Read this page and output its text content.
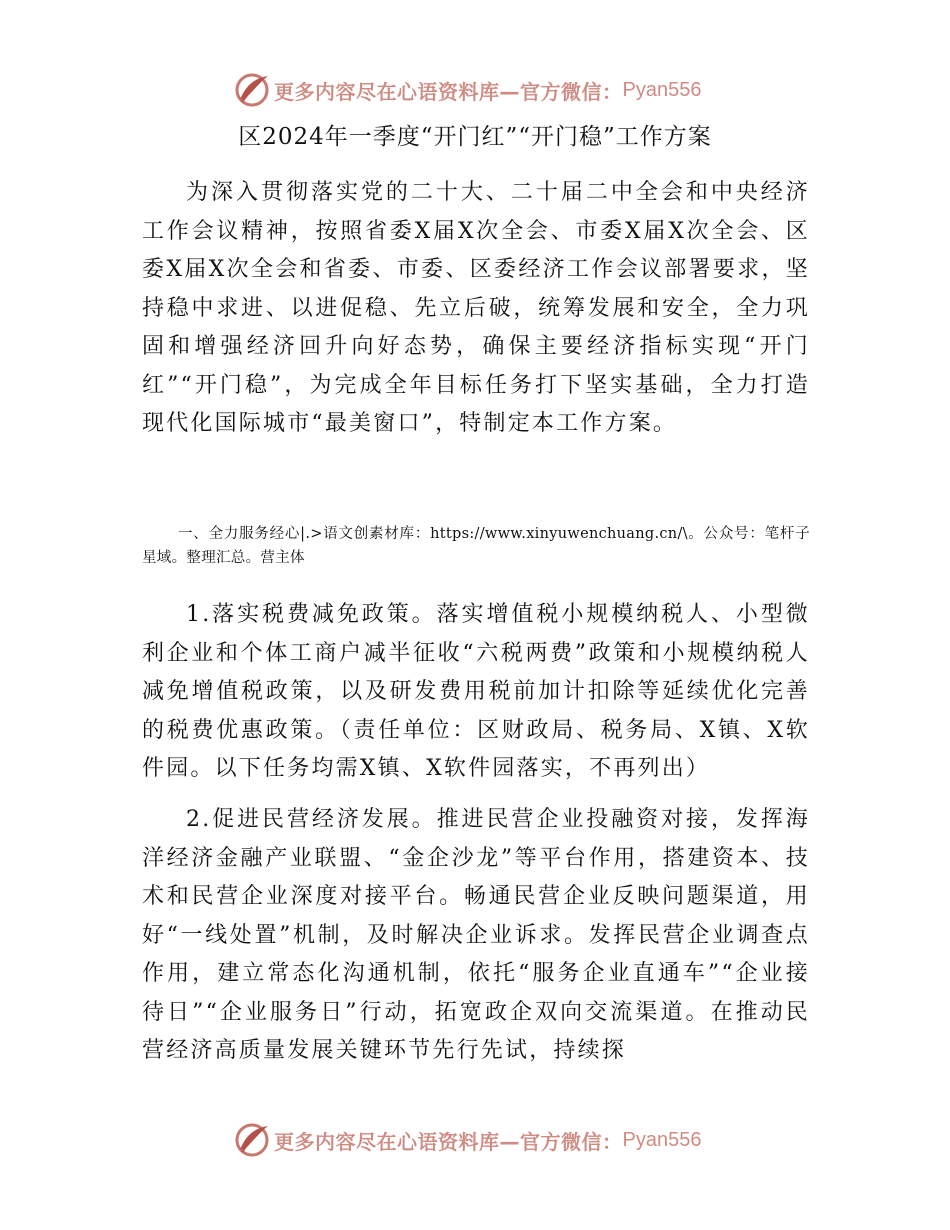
更多内容尽在心语资料库—官方微信： Pyan556
区2024年一季度“开门红”“开门稳”工作方案

为深入贯彻落实党的二十大、二十届二中全会和中央经济工作会议精神，按照省委X届X次全会、市委X届X次全会、区委X届X次全会和省委、市委、区委经济工作会议部署要求，坚持稳中求进、以进促稳、先立后破，统筹发展和安全，全力巩固和增强经济回升向好态势，确保主要经济指标实现“开门红”“开门稳”，为完成全年目标任务打下坚实基础，全力打造现代化国际城市“最美窗口”，特制定本工作方案。

一、全力服务经心|.>语文创素材库：https://www.xinyuwenchuang.cn/\。公众号：笔杆子星域。整理汇总。营主体

1.落实税费减免政策。落实增值税小规模纳税人、小型微利企业和个体工商户减半征收“六税两费”政策和小规模纳税人减免增值税政策，以及研发费用税前加计扣除等延续优化完善的税费优惠政策。（责任单位：区财政局、税务局、X镇、X软件园。以下任务均需X镇、X软件园落实，不再列出）

2.促进民营经济发展。推进民营企业投融资对接，发挥海洋经济金融产业联盟、“金企沙龙”等平台作用，搭建资本、技术和民营企业深度对接平台。畅通民营企业反映问题渠道，用好“一线处置”机制，及时解决企业诉求。发挥民营企业调查点作用，建立常态化沟通机制，依托“服务企业直通车”“企业接待日”“企业服务日”行动，拓宽政企双向交流渠道。在推动民营经济高质量发展关键环节先行先试，持续探

更多内容尽在心语资料库—官方微信： Pyan556
